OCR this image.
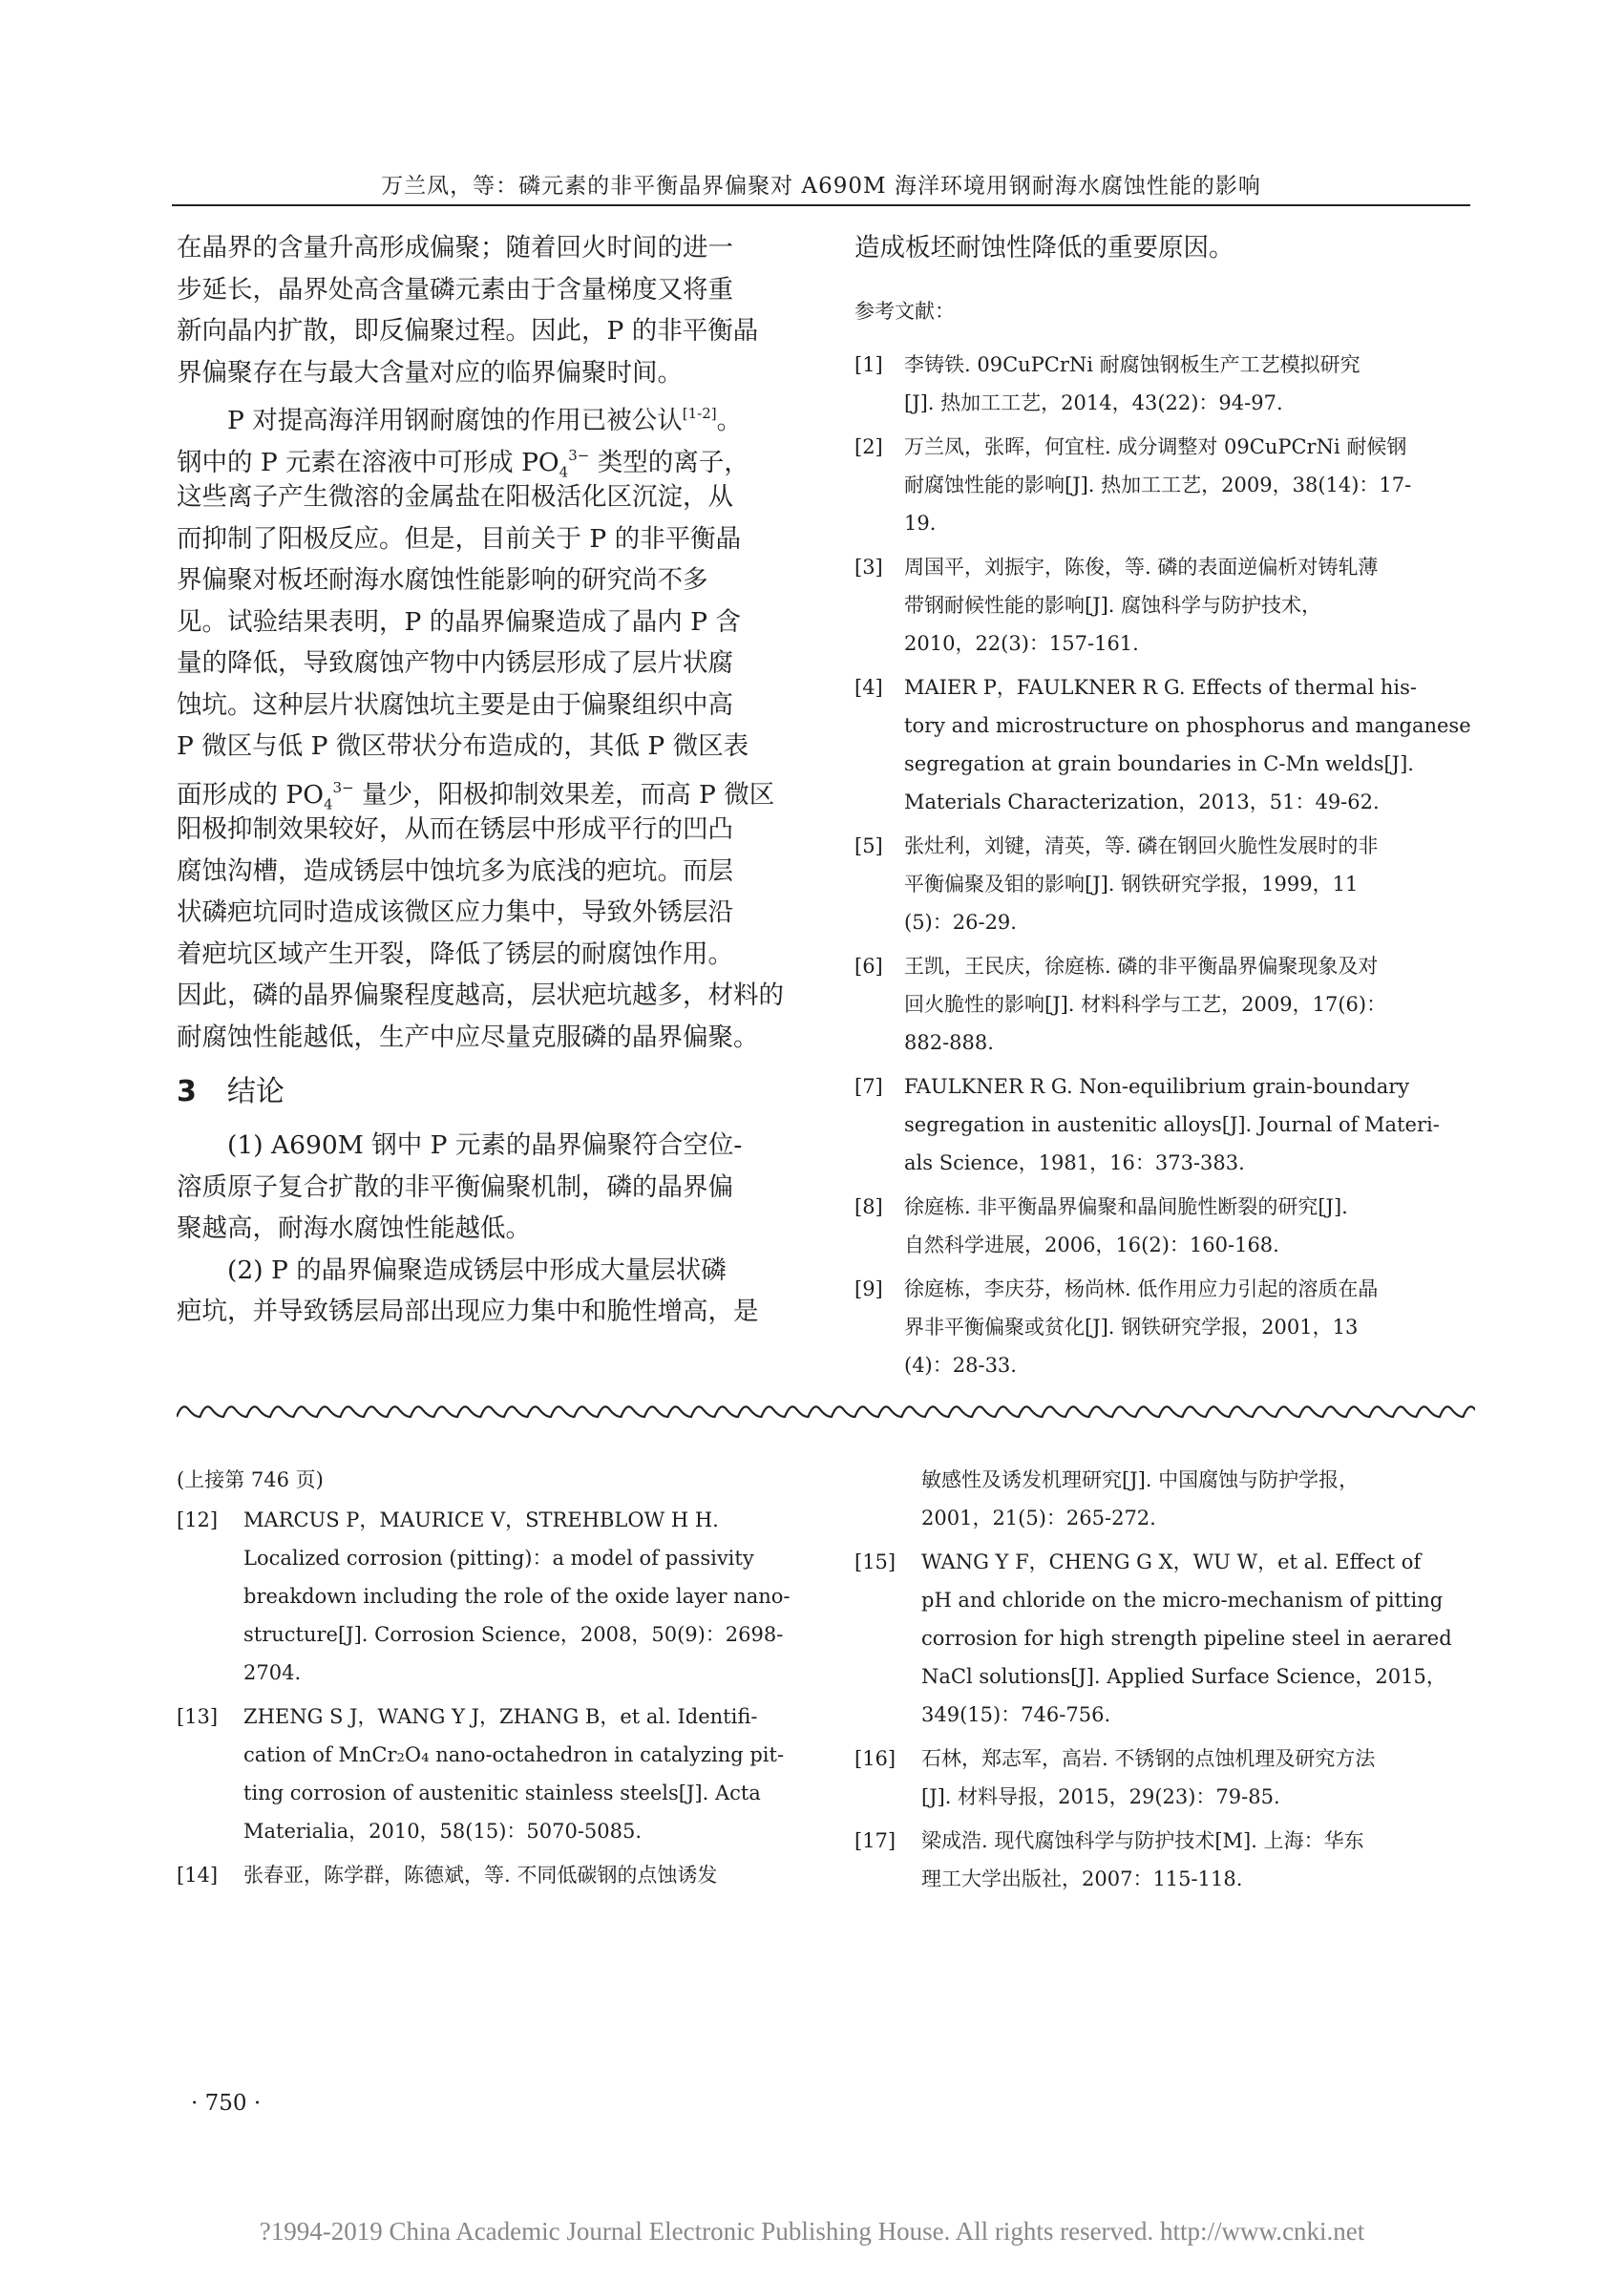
万兰凤，等：磷元素的非平衡晶界偏聚对 A690M 海洋环境用钢耐海水腐蚀性能的影响
在晶界的含量升高形成偏聚；随着回火时间的进一
步延长，晶界处高含量磷元素由于含量梯度又将重
新向晶内扩散，即反偏聚过程。因此，P 的非平衡晶
界偏聚存在与最大含量对应的临界偏聚时间。
P 对提高海洋用钢耐腐蚀的作用已被公认[1-2]。
钢中的 P 元素在溶液中可形成 $PO_4^{3-}$ 类型的离子，
这些离子产生微溶的金属盐在阳极活化区沉淀，从
而抑制了阳极反应。但是，目前关于 P 的非平衡晶
界偏聚对板坯耐海水腐蚀性能影响的研究尚不多
见。试验结果表明，P 的晶界偏聚造成了晶内 P 含
量的降低，导致腐蚀产物中内锈层形成了层片状腐
蚀坑。这种层片状腐蚀坑主要是由于偏聚组织中高
P 微区与低 P 微区带状分布造成的，其低 P 微区表
面形成的 $PO_4^{3-}$ 量少，阳极抑制效果差，而高 P 微区
阳极抑制效果较好，从而在锈层中形成平行的凹凸
腐蚀沟槽，造成锈层中蚀坑多为底浅的疤坑。而层
状磷疤坑同时造成该微区应力集中，导致外锈层沿
着疤坑区域产生开裂，降低了锈层的耐腐蚀作用。
因此，磷的晶界偏聚程度越高，层状疤坑越多，材料的
耐腐蚀性能越低，生产中应尽量克服磷的晶界偏聚。
3 结论
(1) A690M 钢中 P 元素的晶界偏聚符合空位-
溶质原子复合扩散的非平衡偏聚机制，磷的晶界偏
聚越高，耐海水腐蚀性能越低。
(2) P 的晶界偏聚造成锈层中形成大量层状磷
疤坑，并导致锈层局部出现应力集中和脆性增高，是
造成板坯耐蚀性降低的重要原因。
参考文献：
[1]	李铸铁. 09CuPCrNi 耐腐蚀钢板生产工艺模拟研究
[J]. 热加工工艺，2014，43(22)：94-97.
[2]	万兰凤，张晖，何宜柱. 成分调整对 09CuPCrNi 耐候钢
耐腐蚀性能的影响[J]. 热加工工艺，2009，38(14)：17-
19.
[3]	周国平，刘振宇，陈俊，等. 磷的表面逆偏析对铸轧薄
带钢耐候性能的影响[J]. 腐蚀科学与防护技术，
2010，22(3)：157-161.
[4]	MAIER P，FAULKNER R G. Effects of thermal his-
tory and microstructure on phosphorus and manganese
segregation at grain boundaries in C-Mn welds[J].
Materials Characterization，2013，51：49-62.
[5]	张灶利，刘键，清英，等. 磷在钢回火脆性发展时的非
平衡偏聚及钼的影响[J]. 钢铁研究学报，1999，11
(5)：26-29.
[6]	王凯，王民庆，徐庭栋. 磷的非平衡晶界偏聚现象及对
回火脆性的影响[J]. 材料科学与工艺，2009，17(6)：
882-888.
[7]	FAULKNER R G. Non-equilibrium grain-boundary
segregation in austenitic alloys[J]. Journal of Materi-
als Science，1981，16：373-383.
[8]	徐庭栋. 非平衡晶界偏聚和晶间脆性断裂的研究[J].
自然科学进展，2006，16(2)：160-168.
[9]	徐庭栋，李庆芬，杨尚林. 低作用应力引起的溶质在晶
界非平衡偏聚或贫化[J]. 钢铁研究学报，2001，13
(4)：28-33.
(上接第 746 页)
[12]	MARCUS P，MAURICE V，STREHBLOW H H.
Localized corrosion (pitting)：a model of passivity
breakdown including the role of the oxide layer nano-
structure[J]. Corrosion Science，2008，50(9)：2698-
2704.
[13]	ZHENG S J，WANG Y J，ZHANG B，et al. Identifi-
cation of MnCr₂O₄ nano-octahedron in catalyzing pit-
ting corrosion of austenitic stainless steels[J]. Acta
Materialia，2010，58(15)：5070-5085.
[14]	张春亚，陈学群，陈德斌，等. 不同低碳钢的点蚀诱发
敏感性及诱发机理研究[J]. 中国腐蚀与防护学报，
2001，21(5)：265-272.
[15]	WANG Y F，CHENG G X，WU W，et al. Effect of
pH and chloride on the micro-mechanism of pitting
corrosion for high strength pipeline steel in aerared
NaCl solutions[J]. Applied Surface Science，2015，
349(15)：746-756.
[16]	石林，郑志军，高岩. 不锈钢的点蚀机理及研究方法
[J]. 材料导报，2015，29(23)：79-85.
[17]	梁成浩. 现代腐蚀科学与防护技术[M]. 上海：华东
理工大学出版社，2007：115-118.
· 750 ·
?1994-2019 China Academic Journal Electronic Publishing House. All rights reserved. http://www.cnki.net
